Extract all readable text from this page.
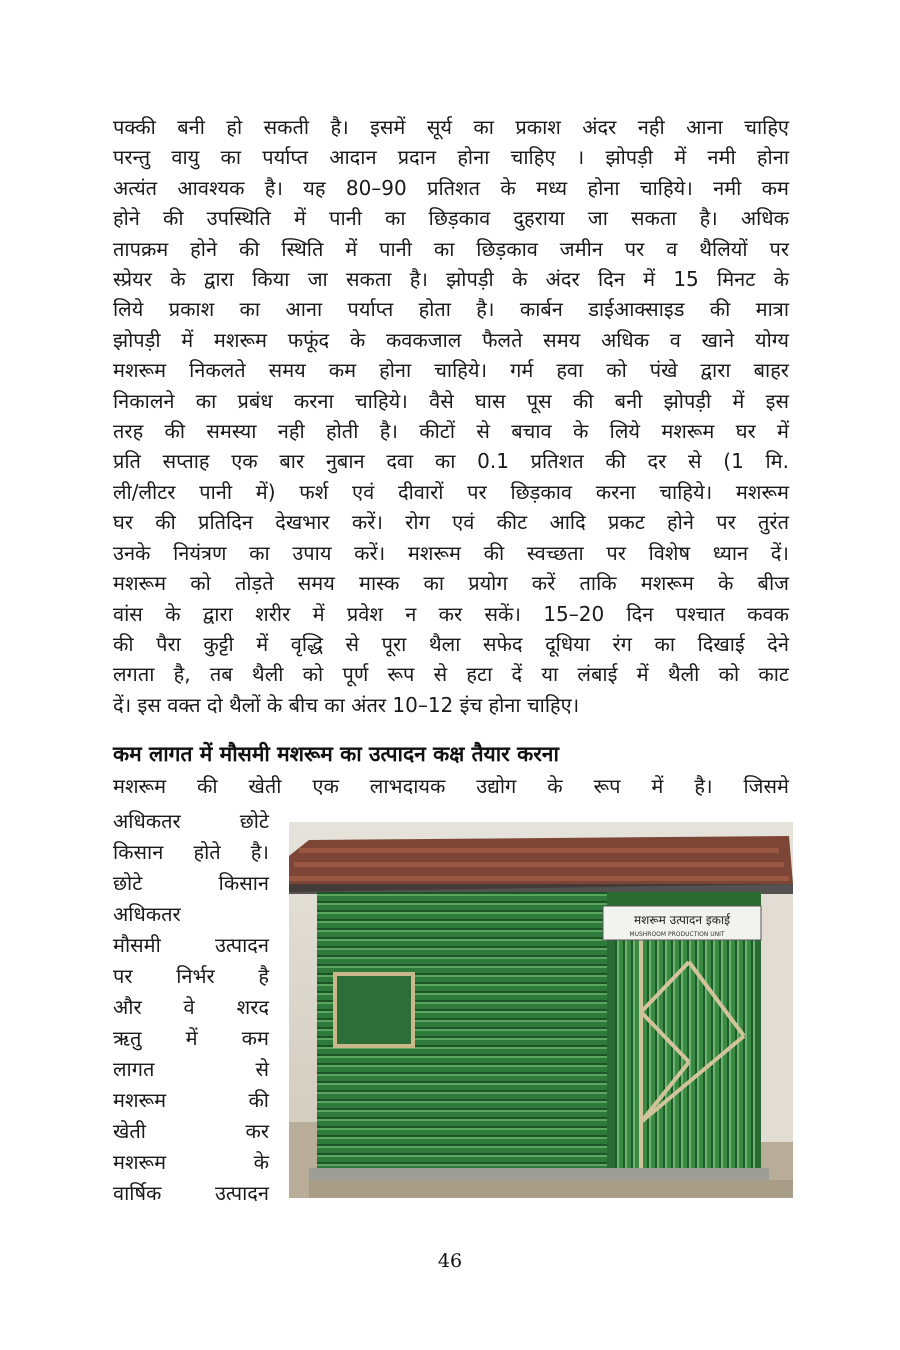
पक्की बनी हो सकती है। इसमें सूर्य का प्रकाश अंदर नही आना चाहिए
परन्तु वायु का पर्याप्त आदान प्रदान होना चाहिए । झोपड़ी में नमी होना
अत्यंत आवश्यक है। यह 80–90 प्रतिशत के मध्य होना चाहिये। नमी कम
होने की उपस्थिति में पानी का छिड़काव दुहराया जा सकता है। अधिक
तापक्रम होने की स्थिति में पानी का छिड़काव जमीन पर व थैलियों पर
स्प्रेयर के द्वारा किया जा सकता है। झोपड़ी के अंदर दिन में 15 मिनट के
लिये प्रकाश का आना पर्याप्त होता है। कार्बन डाईआक्साइड की मात्रा
झोपड़ी में मशरूम फफूंद के कवकजाल फैलते समय अधिक व खाने योग्य
मशरूम निकलते समय कम होना चाहिये। गर्म हवा को पंखे द्वारा बाहर
निकालने का प्रबंध करना चाहिये। वैसे घास पूस की बनी झोपड़ी में इस
तरह की समस्या नही होती है। कीटों से बचाव के लिये मशरूम घर में
प्रति सप्ताह एक बार नुबान दवा का 0.1 प्रतिशत की दर से (1 मि.
ली/लीटर पानी में) फर्श एवं दीवारों पर छिड़काव करना चाहिये। मशरूम
घर की प्रतिदिन देखभार करें। रोग एवं कीट आदि प्रकट होने पर तुरंत
उनके नियंत्रण का उपाय करें। मशरूम की स्वच्छता पर विशेष ध्यान दें।
मशरूम को तोड़ते समय मास्क का प्रयोग करें ताकि मशरूम के बीज
वांस के द्वारा शरीर में प्रवेश न कर सकें। 15–20 दिन पश्चात कवक
की पैरा कुट्टी में वृद्धि से पूरा थैला सफेद दूधिया रंग का दिखाई देने
लगता है, तब थैली को पूर्ण रूप से हटा दें या लंबाई में थैली को काट
दें। इस वक्त दो थैलों के बीच का अंतर 10–12 इंच होना चाहिए।
कम लागत में मौसमी मशरूम का उत्पादन कक्ष तैयार करना
मशरूम की खेती एक लाभदायक उद्योग के रूप में है। जिसमे
अधिकतर छोटे
किसान होते है।
छोटे किसान
अधिकतर
मौसमी उत्पादन
पर निर्भर है
और वे शरद
ऋतु में कम
लागत से
मशरूम की
खेती कर
मशरूम के
वार्षिक उत्पादन
मशरूम उत्पादन इकाई
MUSHROOM PRODUCTION UNIT
46
